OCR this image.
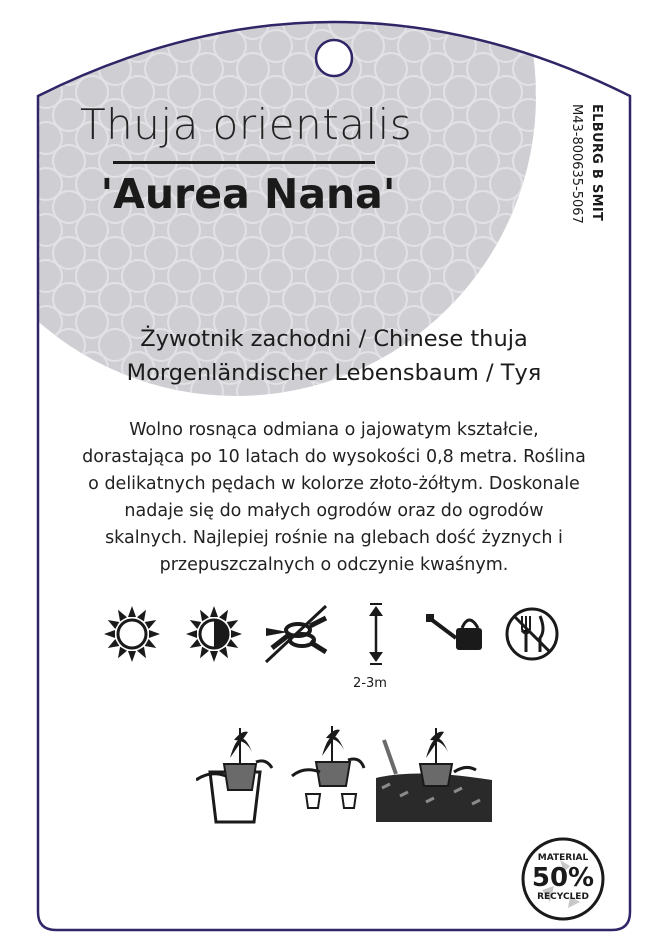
Thuja orientalis
'Aurea Nana'	ELBURG B SMIT
M43-800635-5067
Żywotnik zachodni / Chinese thuja
Morgenländischer Lebensbaum / Туя
Wolno rosnąca odmiana o jajowatym kształcie,
dorastająca po 10 latach do wysokości 0,8 metra. Roślina
o delikatnych pędach w kolorze złoto-żółtym. Doskonale
nadaje się do małych ogrodów oraz do ogrodów
skalnych. Najlepiej rośnie na glebach dość żyznych i
przepuszczalnych o odczynie kwaśnym.
2-3m
MATERIAL
50%
RECYCLED
